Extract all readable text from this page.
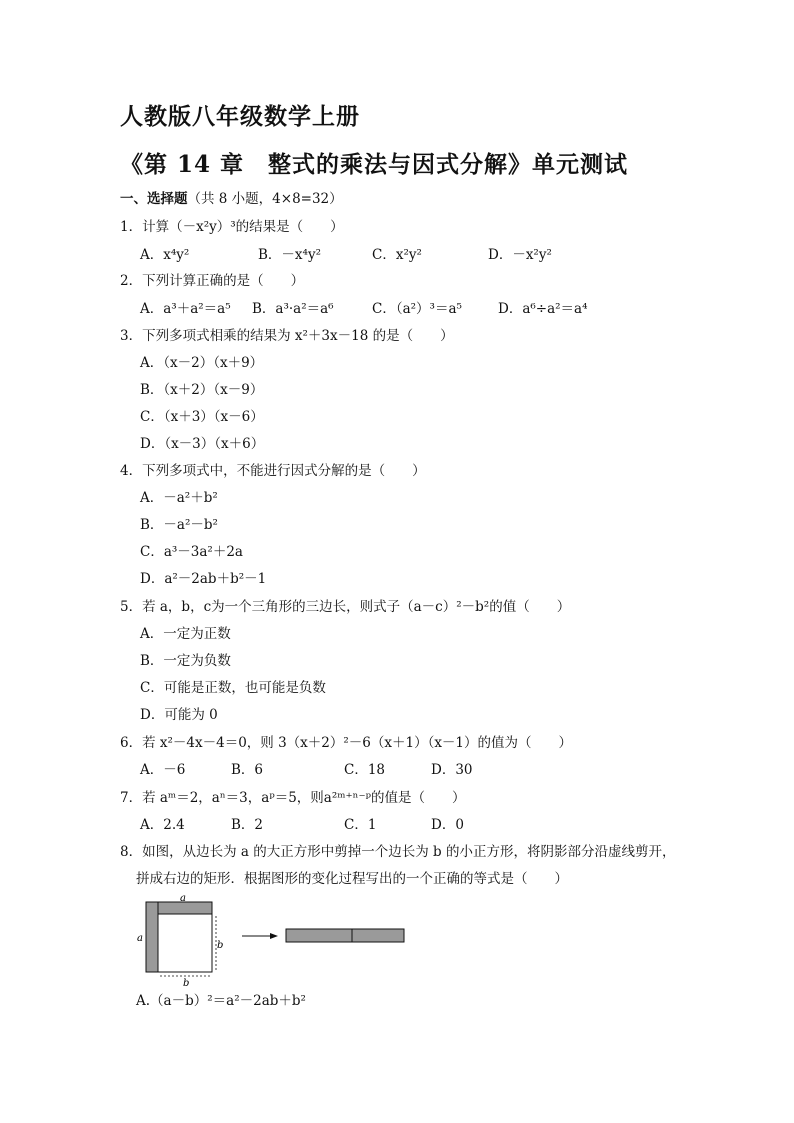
人教版八年级数学上册
《第 14 章　整式的乘法与因式分解》单元测试
一、选择题（共 8 小题，4×8=32）
1．计算（－x²y）³的结果是（　　）
A．x⁴y²	B．－x⁴y²	C．x²y²	D．－x²y²
2．下列计算正确的是（　　）
A．a³＋a²＝a⁵ B．a³·a²＝a⁶	C．（a²）³＝a⁵	D．a⁶÷a²＝a⁴
3．下列多项式相乘的结果为 x²＋3x－18 的是（　　）
A．（x－2）（x＋9）
B．（x＋2）（x－9）
C．（x＋3）（x－6）
D．（x－3）（x＋6）
4．下列多项式中，不能进行因式分解的是（　　）
A．－a²＋b²
B．－a²－b²
C．a³－3a²＋2a
D．a²－2ab＋b²－1
5．若 a，b，c为一个三角形的三边长，则式子（a－c）²－b²的值（　　）
A．一定为正数
B．一定为负数
C．可能是正数，也可能是负数
D．可能为 0
6．若 x²－4x－4＝0，则 3（x＋2）²－6（x＋1）（x－1）的值为（　　）
A．－6	B．6	C．18	D．30
7．若 aᵐ＝2，aⁿ＝3，aᵖ＝5，则a²ᵐ⁺ⁿ⁻ᵖ的值是（　　）
A．2.4	B．2	C．1	D．0
8．如图，从边长为 a 的大正方形中剪掉一个边长为 b 的小正方形，将阴影部分沿虚线剪开，
拼成右边的矩形．根据图形的变化过程写出的一个正确的等式是（　　）
a
a
b
b
A.（a－b）²＝a²－2ab＋b²
